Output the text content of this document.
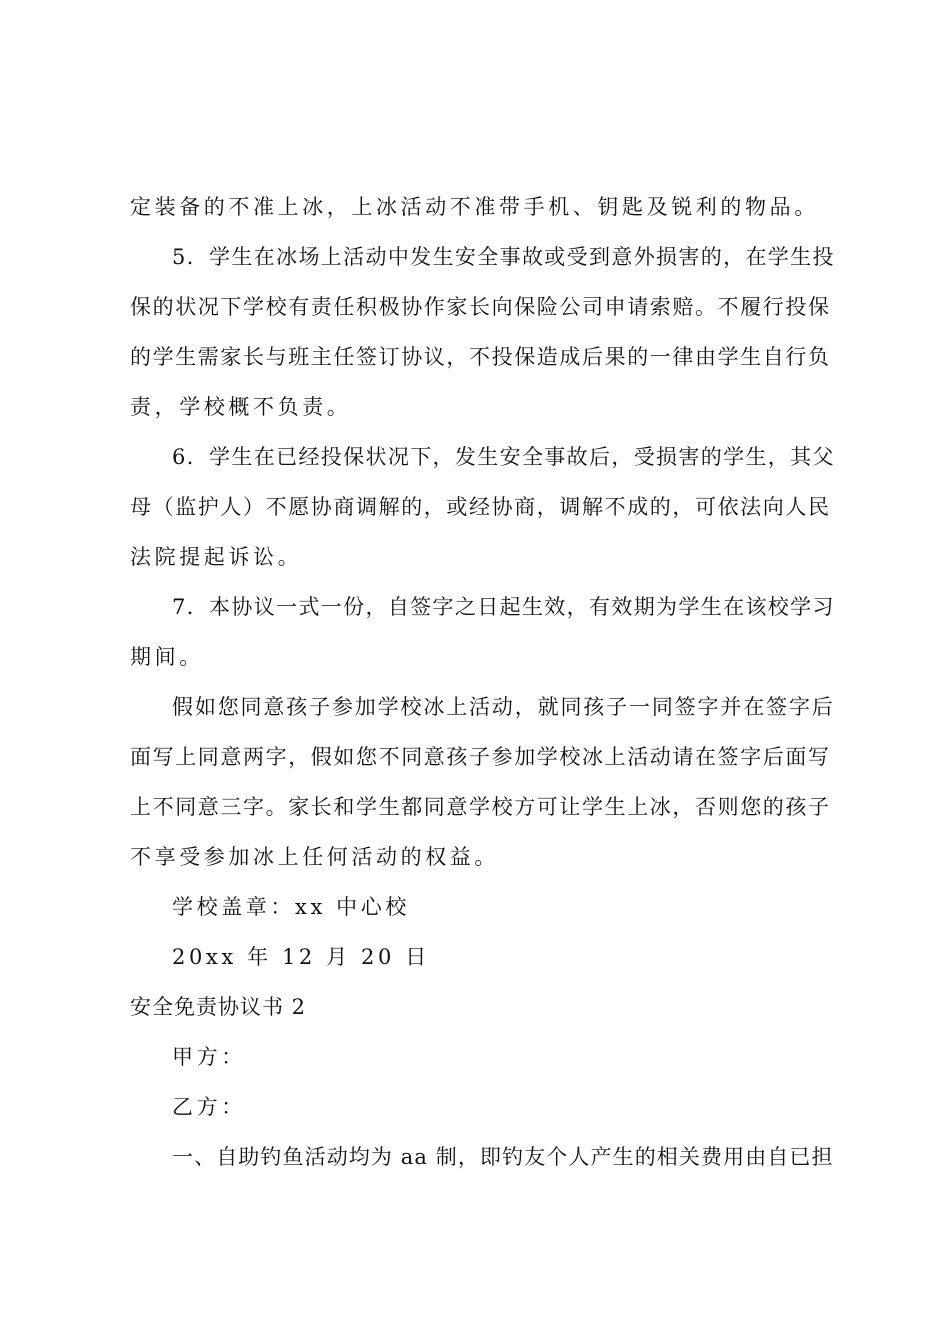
定装备的不准上冰，上冰活动不准带手机、钥匙及锐利的物品。
5．学生在冰场上活动中发生安全事故或受到意外损害的，在学生投
保的状况下学校有责任积极协作家长向保险公司申请索赔。不履行投保
的学生需家长与班主任签订协议，不投保造成后果的一律由学生自行负
责，学校概不负责。
6．学生在已经投保状况下，发生安全事故后，受损害的学生，其父
母（监护人）不愿协商调解的，或经协商，调解不成的，可依法向人民
法院提起诉讼。
7．本协议一式一份，自签字之日起生效，有效期为学生在该校学习
期间。
假如您同意孩子参加学校冰上活动，就同孩子一同签字并在签字后
面写上同意两字，假如您不同意孩子参加学校冰上活动请在签字后面写
上不同意三字。家长和学生都同意学校方可让学生上冰，否则您的孩子
不享受参加冰上任何活动的权益。
学校盖章：xx 中心校
20xx 年 12 月 20 日
安全免责协议书 2
甲方：
乙方：
一、自助钓鱼活动均为 aa 制，即钓友个人产生的相关费用由自已担
